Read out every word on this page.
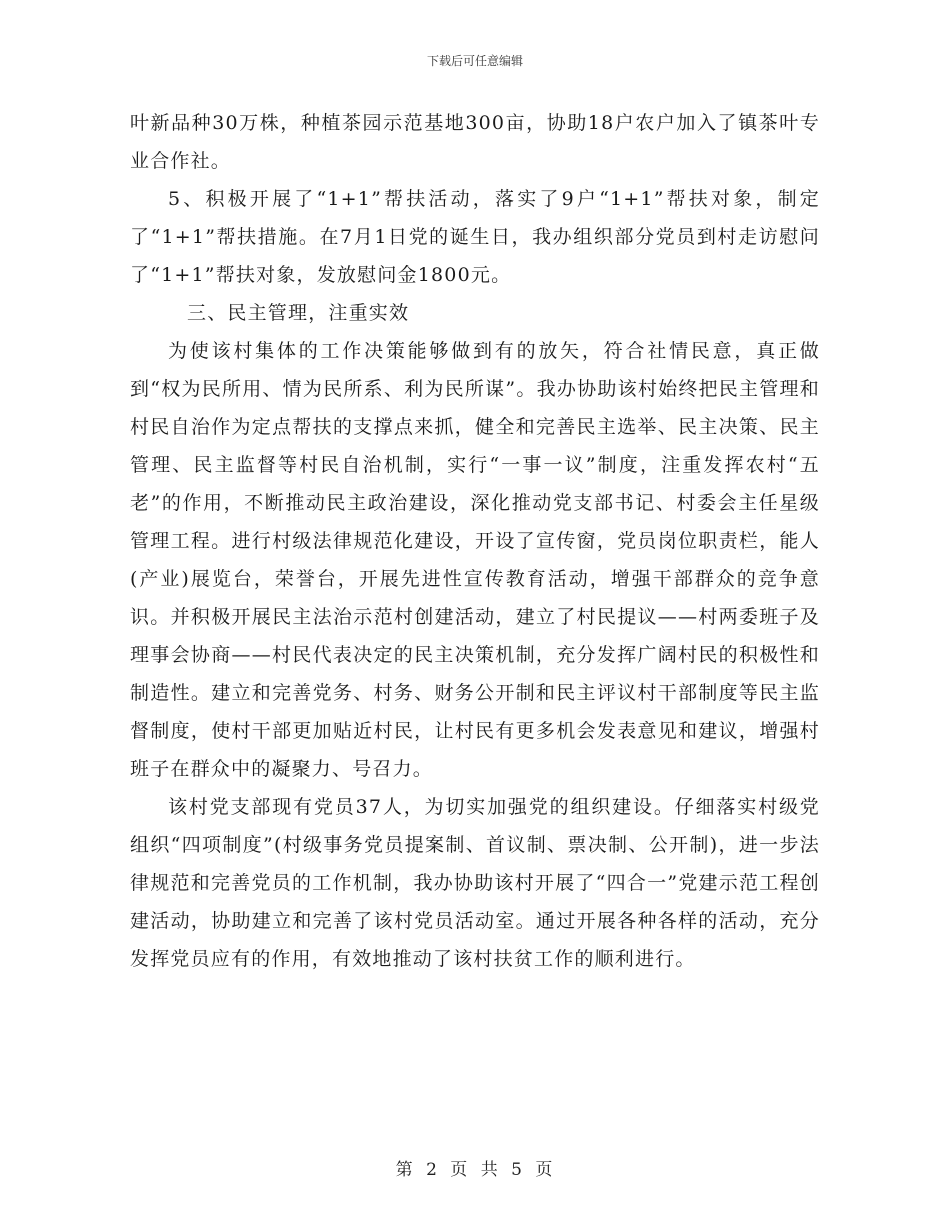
下载后可任意编辑

叶新品种30万株，种植茶园示范基地300亩，协助18户农户加入了镇茶叶专业合作社。

5、积极开展了“1+1”帮扶活动，落实了9户“1+1”帮扶对象，制定了“1+1”帮扶措施。在7月1日党的诞生日，我办组织部分党员到村走访慰问了“1+1”帮扶对象，发放慰问金1800元。

三、民主管理，注重实效

为使该村集体的工作决策能够做到有的放矢，符合社情民意，真正做到“权为民所用、情为民所系、利为民所谋”。我办协助该村始终把民主管理和村民自治作为定点帮扶的支撑点来抓，健全和完善民主选举、民主决策、民主管理、民主监督等村民自治机制，实行“一事一议”制度，注重发挥农村“五老”的作用，不断推动民主政治建设，深化推动党支部书记、村委会主任星级管理工程。进行村级法律规范化建设，开设了宣传窗，党员岗位职责栏，能人(产业)展览台，荣誉台，开展先进性宣传教育活动，增强干部群众的竞争意识。并积极开展民主法治示范村创建活动，建立了村民提议——村两委班子及理事会协商——村民代表决定的民主决策机制，充分发挥广阔村民的积极性和制造性。建立和完善党务、村务、财务公开制和民主评议村干部制度等民主监督制度，使村干部更加贴近村民，让村民有更多机会发表意见和建议，增强村班子在群众中的凝聚力、号召力。

该村党支部现有党员37人，为切实加强党的组织建设。仔细落实村级党组织“四项制度”(村级事务党员提案制、首议制、票决制、公开制)，进一步法律规范和完善党员的工作机制，我办协助该村开展了“四合一”党建示范工程创建活动，协助建立和完善了该村党员活动室。通过开展各种各样的活动，充分发挥党员应有的作用，有效地推动了该村扶贫工作的顺利进行。

第 2 页 共 5 页
